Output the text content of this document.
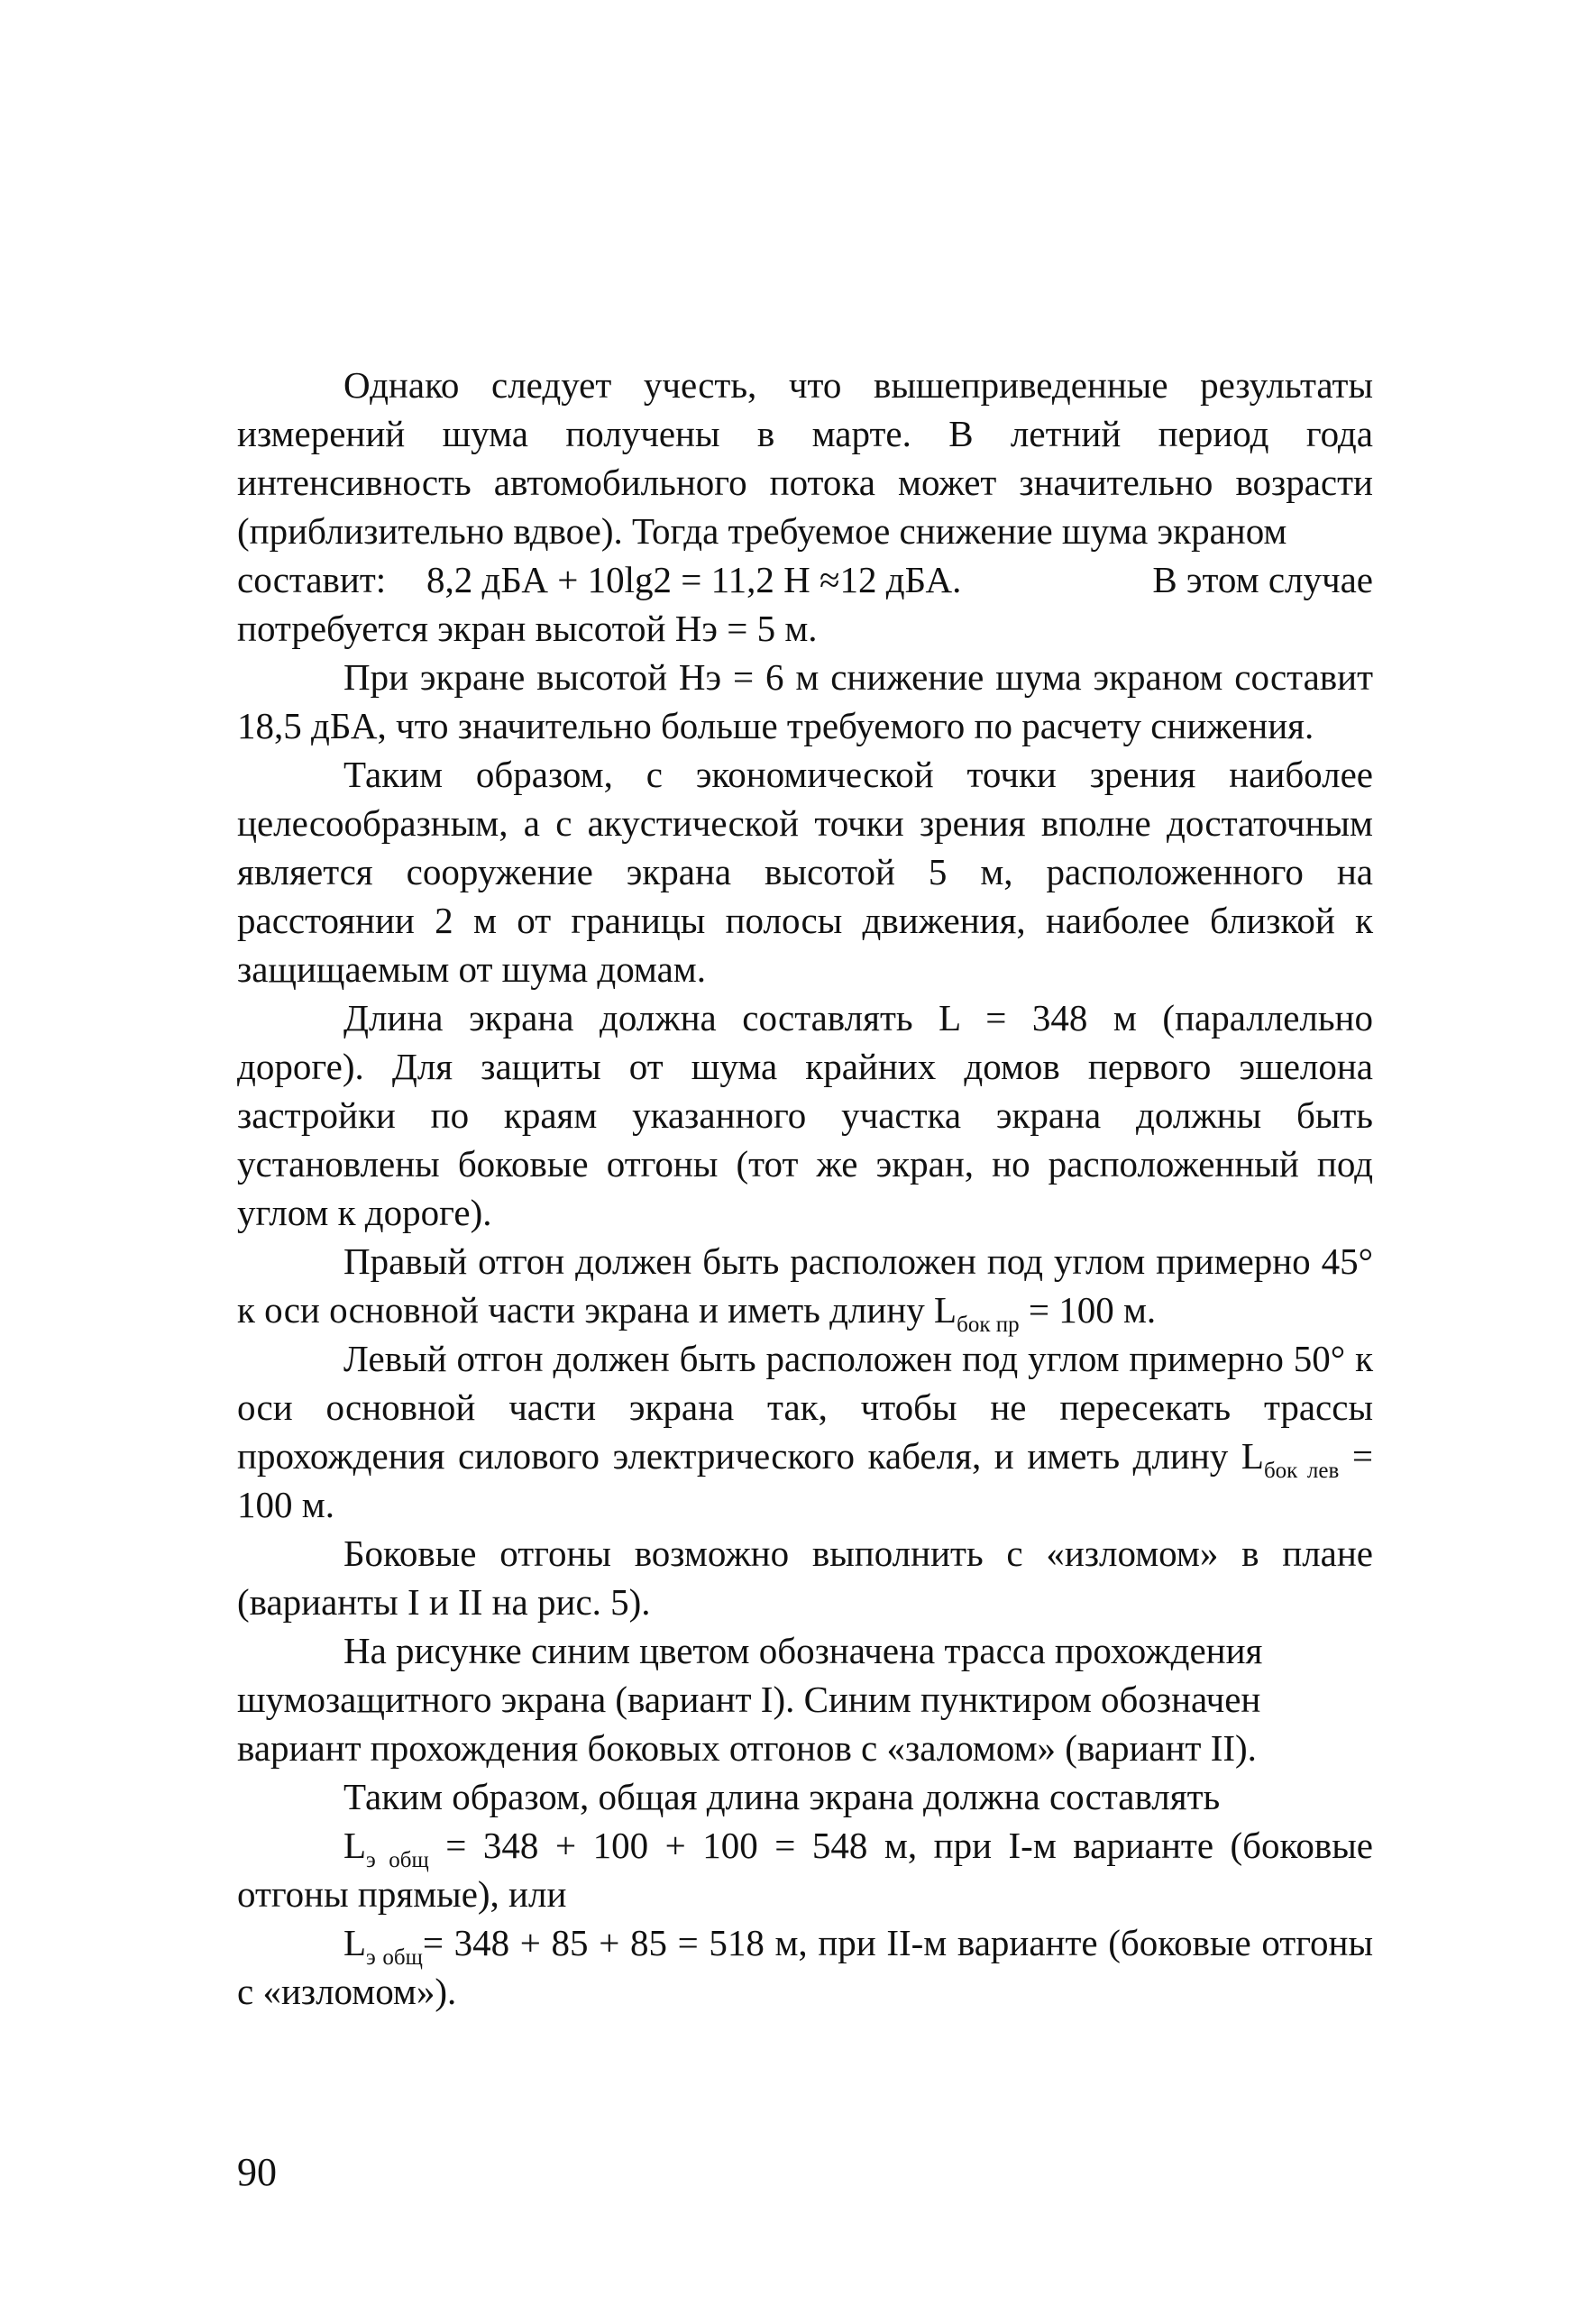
Однако следует учесть, что вышеприведенные результаты измерений шума получены в марте. В летний период года интенсивность автомобильного потока может значительно возрасти (приблизительно вдвое). Тогда требуемое снижение шума экраном

составит:	8,2 дБА + 10lg2 = 11,2 Н ≈12 дБА.	В этом случае

потребуется экран высотой Нэ = 5 м.

При экране высотой Нэ = 6 м снижение шума экраном составит 18,5 дБА, что значительно больше требуемого по расчету снижения.

Таким образом, с экономической точки зрения наиболее целесообразным, а с акустической точки зрения вполне достаточным является сооружение экрана высотой 5 м, расположенного на расстоянии 2 м от границы полосы движения, наиболее близкой к защищаемым от шума домам.

Длина экрана должна составлять L = 348 м (параллельно дороге). Для защиты от шума крайних домов первого эшелона застройки по краям указанного участка экрана должны быть установлены боковые отгоны (тот же экран, но расположенный под углом к дороге).

Правый отгон должен быть расположен под углом примерно 45° к оси основной части экрана и иметь длину $L_{бок пр} = 100$ м.

Левый отгон должен быть расположен под углом примерно 50° к оси основной части экрана так, чтобы не пересекать трассы прохождения силового электрического кабеля, и иметь длину $L_{бок лев} = 100$ м.

Боковые отгоны возможно выполнить с «изломом» в плане (варианты I и II на рис. 5).

На рисунке синим цветом обозначена трасса прохождения

шумозащитного экрана (вариант I). Синим пунктиром обозначен

вариант прохождения боковых отгонов с «заломом» (вариант II).

Таким образом, общая длина экрана должна составлять

$L_{э общ} = 348 + 100 + 100 = 548$ м, при I-м варианте (боковые отгоны прямые), или

$L_{э общ}= 348 + 85 + 85 = 518$ м, при II-м варианте (боковые отгоны с «изломом»).

90
